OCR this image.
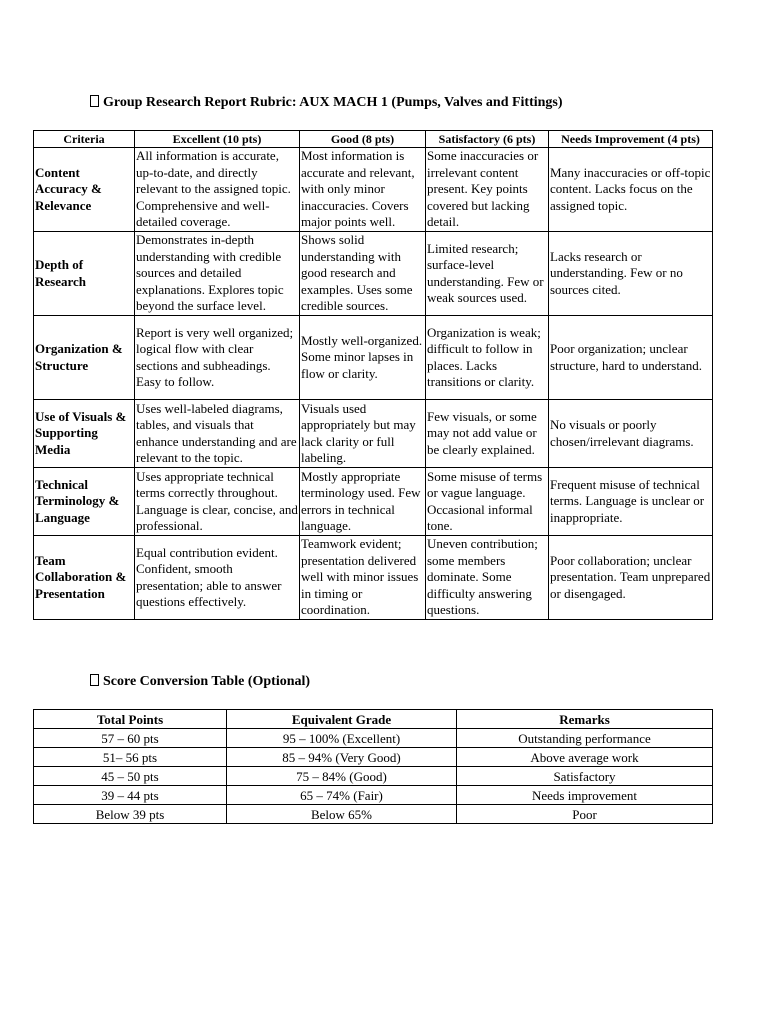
Group Research Report Rubric: AUX MACH 1 (Pumps, Valves and Fittings)
Criteria	Excellent (10 pts)	Good (8 pts)	Satisfactory (6 pts)	Needs Improvement (4 pts)
Content Accuracy & Relevance	All information is accurate, up-to-date, and directly relevant to the assigned topic. Comprehensive and well-detailed coverage.	Most information is accurate and relevant, with only minor inaccuracies. Covers major points well.	Some inaccuracies or irrelevant content present. Key points covered but lacking detail.	Many inaccuracies or off-topic content. Lacks focus on the assigned topic.
Depth of Research	Demonstrates in-depth understanding with credible sources and detailed explanations. Explores topic beyond the surface level.	Shows solid understanding with good research and examples. Uses some credible sources.	Limited research; surface-level understanding. Few or weak sources used.	Lacks research or understanding. Few or no sources cited.
Organization & Structure	Report is very well organized; logical flow with clear sections and subheadings. Easy to follow.	Mostly well-organized. Some minor lapses in flow or clarity.	Organization is weak; difficult to follow in places. Lacks transitions or clarity.	Poor organization; unclear structure, hard to understand.
Use of Visuals & Supporting Media	Uses well-labeled diagrams, tables, and visuals that enhance understanding and are relevant to the topic.	Visuals used appropriately but may lack clarity or full labeling.	Few visuals, or some may not add value or be clearly explained.	No visuals or poorly chosen/irrelevant diagrams.
Technical Terminology & Language	Uses appropriate technical terms correctly throughout. Language is clear, concise, and professional.	Mostly appropriate terminology used. Few errors in technical language.	Some misuse of terms or vague language. Occasional informal tone.	Frequent misuse of technical terms. Language is unclear or inappropriate.
Team Collaboration & Presentation	Equal contribution evident. Confident, smooth presentation; able to answer questions effectively.	Teamwork evident; presentation delivered well with minor issues in timing or coordination.	Uneven contribution; some members dominate. Some difficulty answering questions.	Poor collaboration; unclear presentation. Team unprepared or disengaged.
Score Conversion Table (Optional)
Total Points	Equivalent Grade	Remarks
57 – 60 pts	95 – 100% (Excellent)	Outstanding performance
51– 56 pts	85 – 94% (Very Good)	Above average work
45 – 50 pts	75 – 84% (Good)	Satisfactory
39 – 44 pts	65 – 74% (Fair)	Needs improvement
Below 39 pts	Below 65%	Poor
